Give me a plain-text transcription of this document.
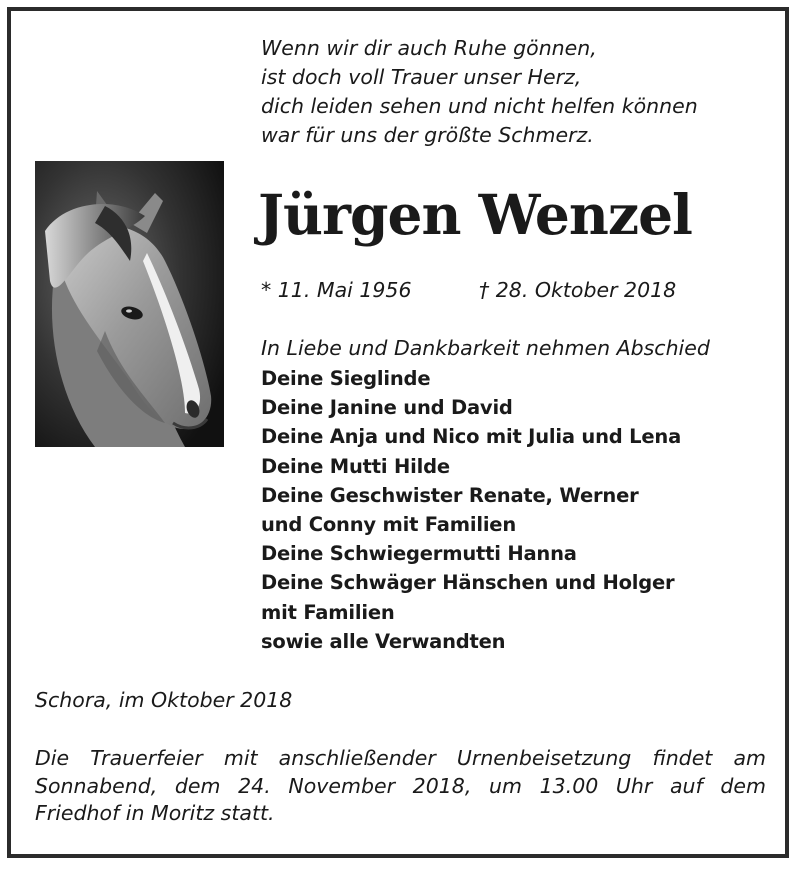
Wenn wir dir auch Ruhe gönnen,
ist doch voll Trauer unser Herz,
dich leiden sehen und nicht helfen können
war für uns der größte Schmerz.
Jürgen Wenzel
* 11. Mai 1956	† 28. Oktober 2018
In Liebe und Dankbarkeit nehmen Abschied
Deine Sieglinde
Deine Janine und David
Deine Anja und Nico mit Julia und Lena
Deine Mutti Hilde
Deine Geschwister Renate, Werner
und Conny mit Familien
Deine Schwiegermutti Hanna
Deine Schwäger Hänschen und Holger
mit Familien
sowie alle Verwandten
Schora, im Oktober 2018
Die Trauerfeier mit anschließender Urnenbeisetzung findet am
Sonnabend, dem 24. November 2018, um 13.00 Uhr auf dem
Friedhof in Moritz statt.
